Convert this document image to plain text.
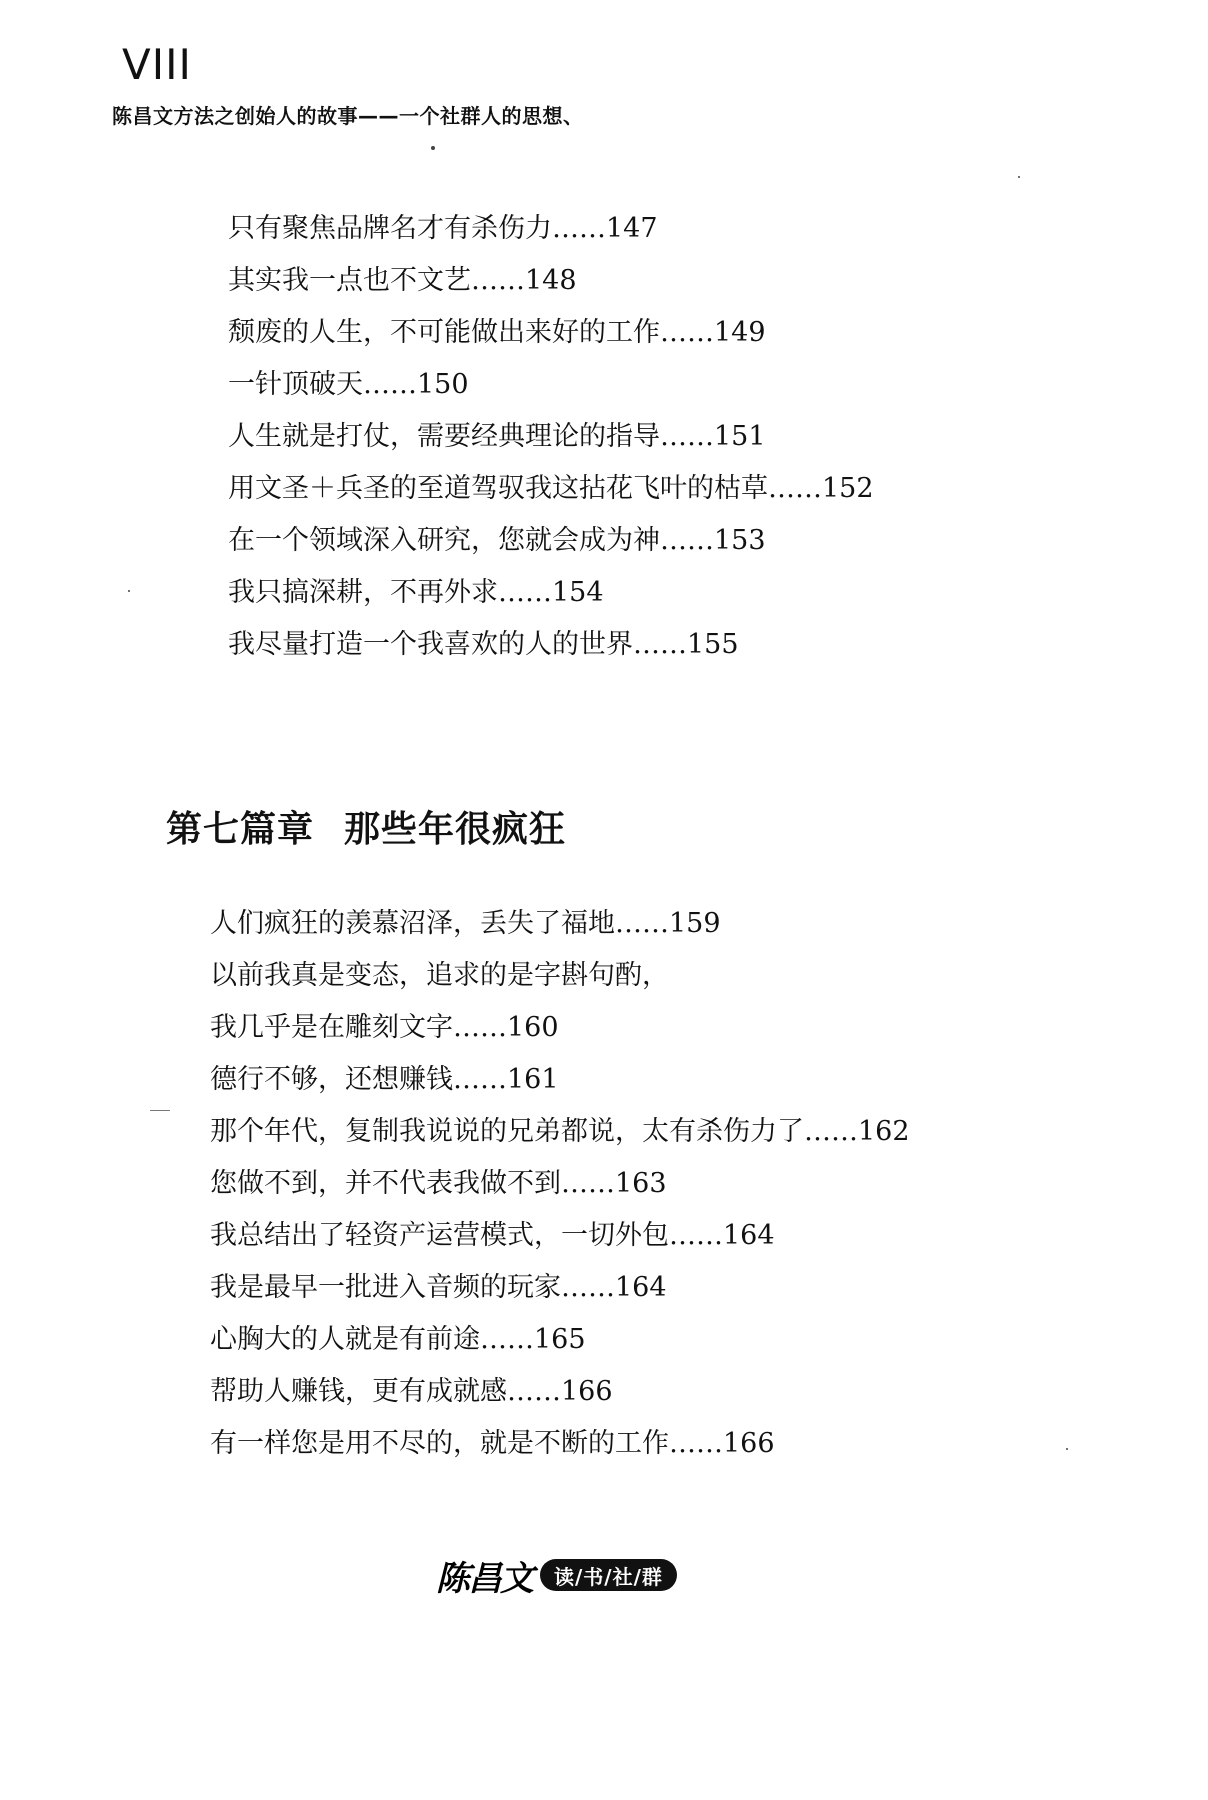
VIII
陈昌文方法之创始人的故事——一个社群人的思想、
只有聚焦品牌名才有杀伤力……147
其实我一点也不文艺……148
颓废的人生，不可能做出来好的工作……149
一针顶破天……150
人生就是打仗，需要经典理论的指导……151
用文圣＋兵圣的至道驾驭我这拈花飞叶的枯草……152
在一个领域深入研究，您就会成为神……153
我只搞深耕，不再外求……154
我尽量打造一个我喜欢的人的世界……155
第七篇章 那些年很疯狂
人们疯狂的羡慕沼泽，丢失了福地……159
以前我真是变态，追求的是字斟句酌，
我几乎是在雕刻文字……160
德行不够，还想赚钱……161
那个年代，复制我说说的兄弟都说，太有杀伤力了……162
您做不到，并不代表我做不到……163
我总结出了轻资产运营模式，一切外包……164
我是最早一批进入音频的玩家……164
心胸大的人就是有前途……165
帮助人赚钱，更有成就感……166
有一样您是用不尽的，就是不断的工作……166
陈昌文	读/书/社/群
